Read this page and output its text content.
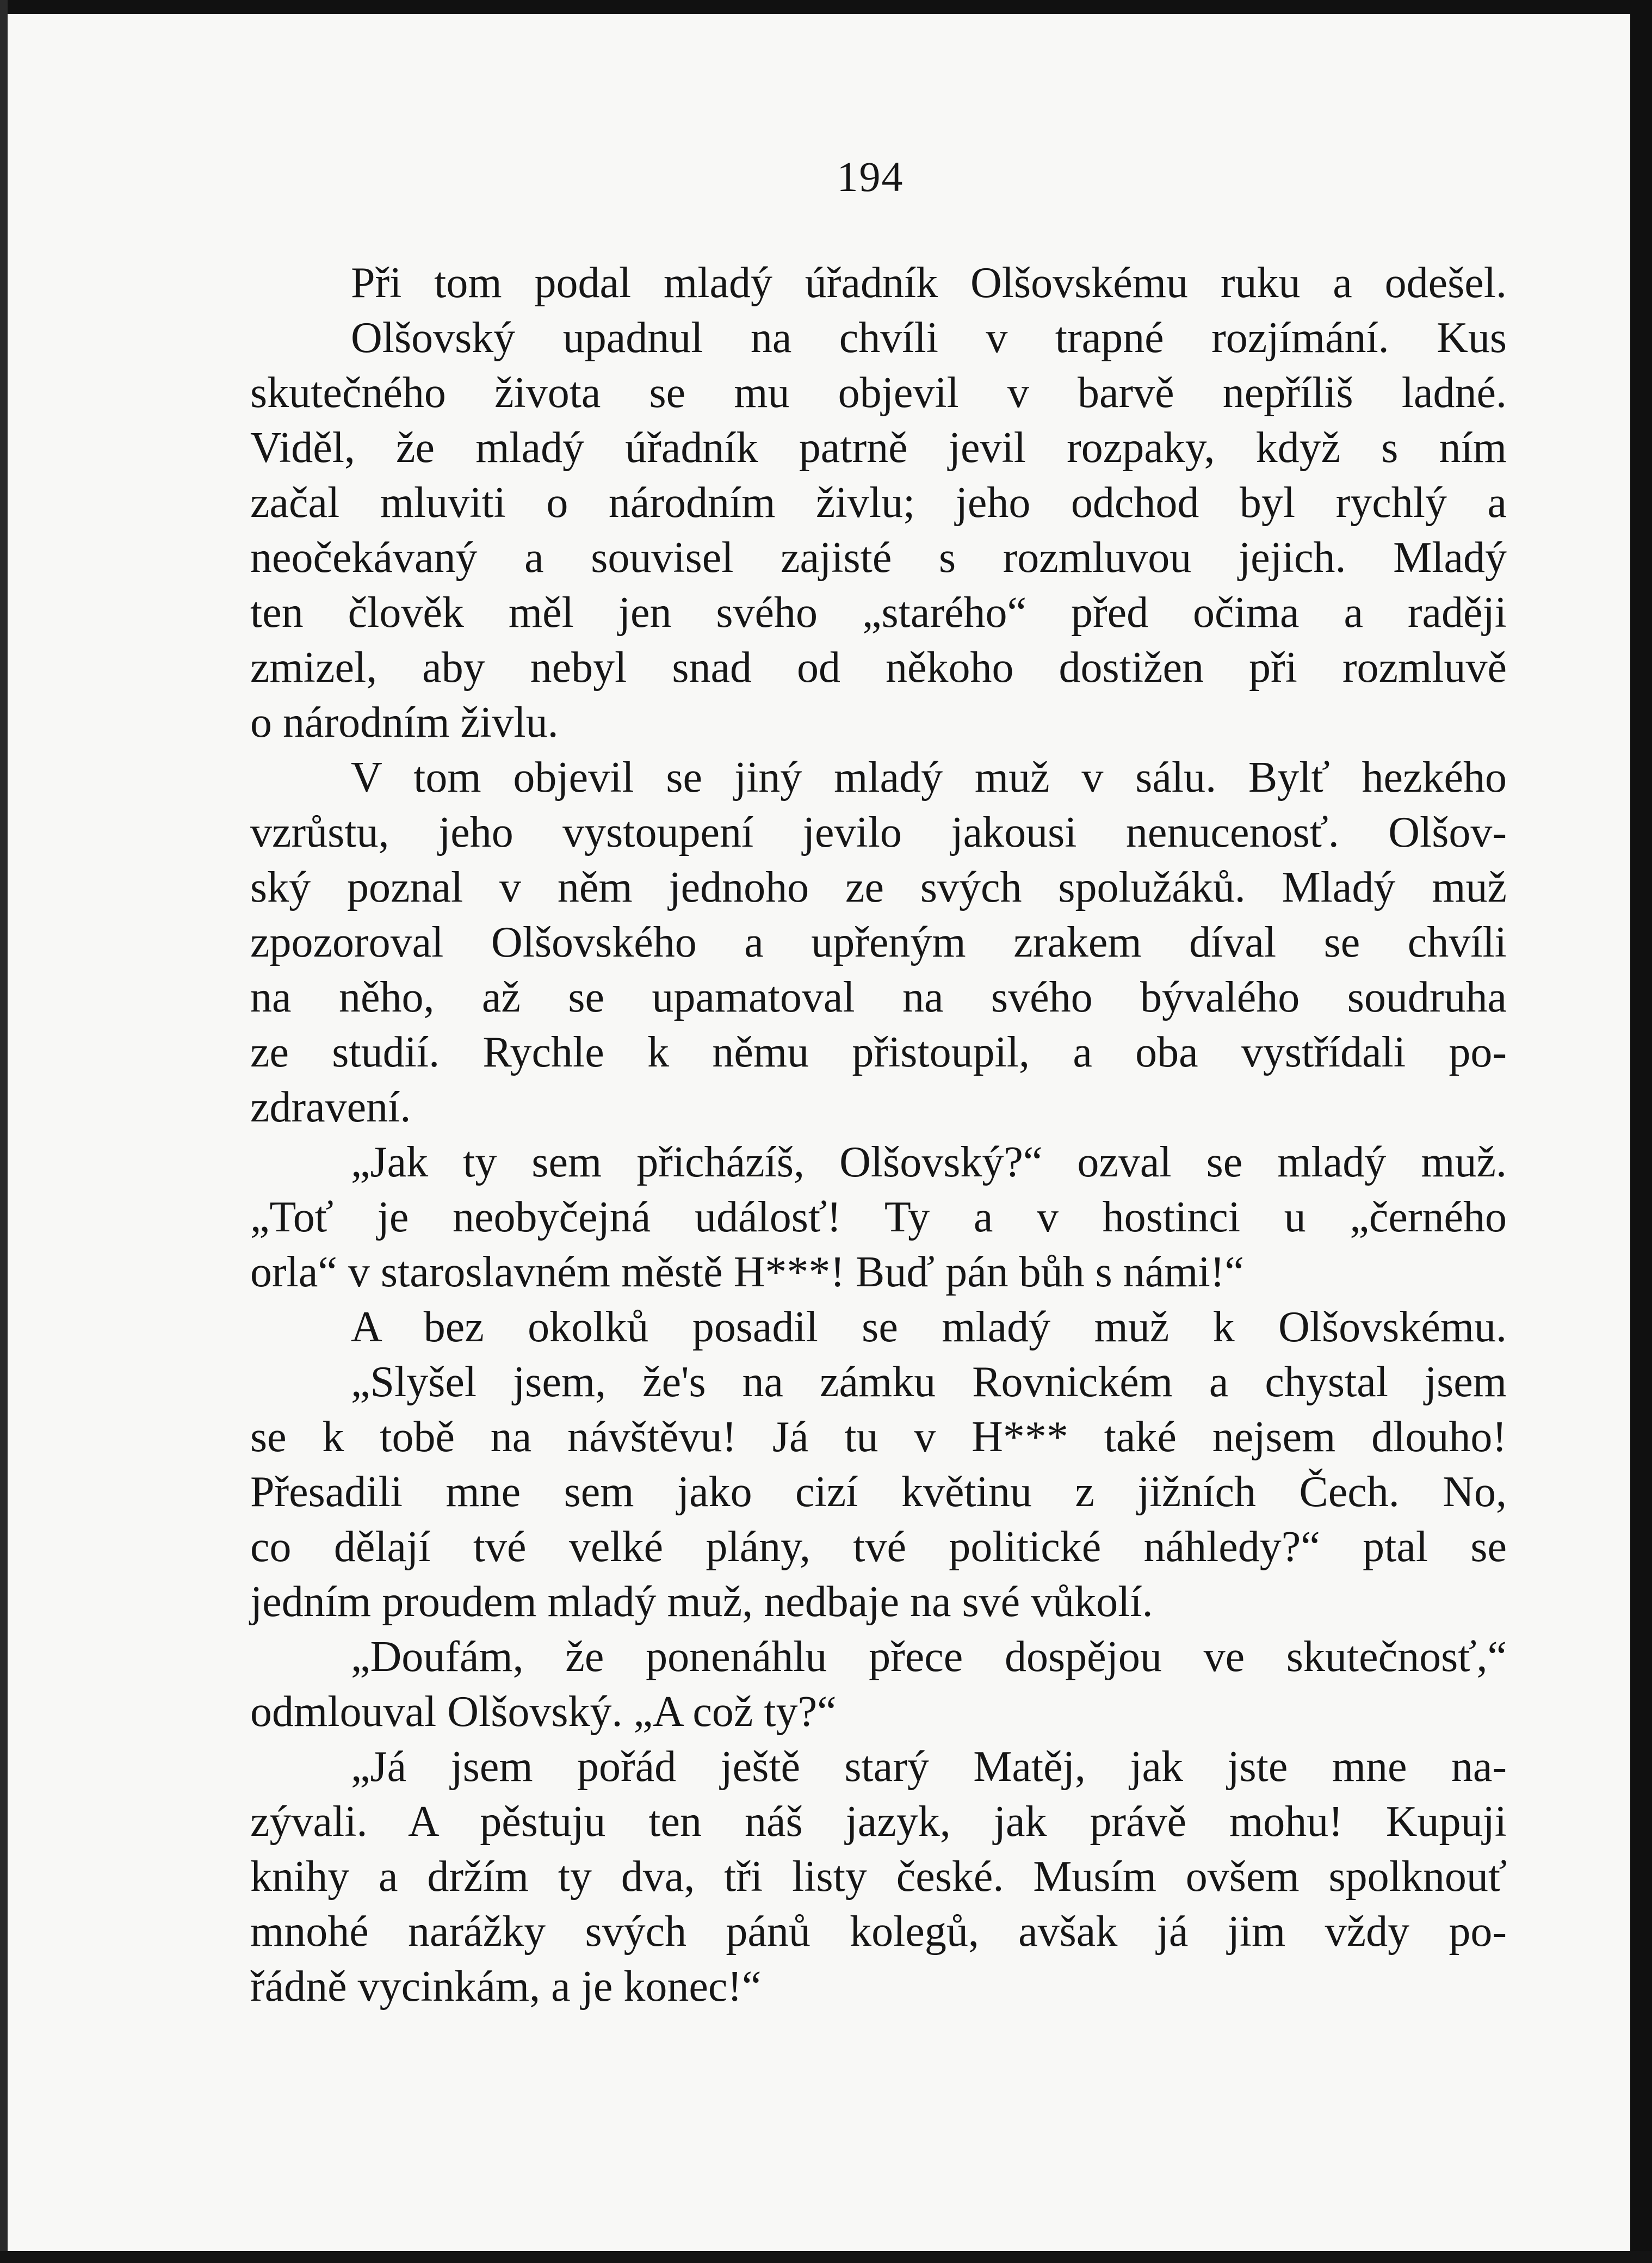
194
Při tom podal mladý úřadník Olšovskému ruku a odešel.
Olšovský upadnul na chvíli v trapné rozjímání. Kus
skutečného života se mu objevil v barvě nepříliš ladné.
Viděl, že mladý úřadník patrně jevil rozpaky, když s ním
začal mluviti o národním živlu; jeho odchod byl rychlý a
neočekávaný a souvisel zajisté s rozmluvou jejich. Mladý
ten člověk měl jen svého „starého“ před očima a raději
zmizel, aby nebyl snad od někoho dostižen při rozmluvě
o národním živlu.
V tom objevil se jiný mladý muž v sálu. Bylť hezkého
vzrůstu, jeho vystoupení jevilo jakousi nenucenosť. Olšov-
ský poznal v něm jednoho ze svých spolužáků. Mladý muž
zpozoroval Olšovského a upřeným zrakem díval se chvíli
na něho, až se upamatoval na svého bývalého soudruha
ze studií. Rychle k němu přistoupil, a oba vystřídali po-
zdravení.
„Jak ty sem přicházíš, Olšovský?“ ozval se mladý muž.
„Toť je neobyčejná událosť! Ty a v hostinci u „černého
orla“ v staroslavném městě H***! Buď pán bůh s námi!“
A bez okolků posadil se mladý muž k Olšovskému.
„Slyšel jsem, že's na zámku Rovnickém a chystal jsem
se k tobě na návštěvu! Já tu v H*** také nejsem dlouho!
Přesadili mne sem jako cizí květinu z jižních Čech. No,
co dělají tvé velké plány, tvé politické náhledy?“ ptal se
jedním proudem mladý muž, nedbaje na své vůkolí.
„Doufám, že ponenáhlu přece dospějou ve skutečnosť,“
odmlouval Olšovský. „A což ty?“
„Já jsem pořád ještě starý Matěj, jak jste mne na-
zývali. A pěstuju ten náš jazyk, jak právě mohu! Kupuji
knihy a držím ty dva, tři listy české. Musím ovšem spolknouť
mnohé narážky svých pánů kolegů, avšak já jim vždy po-
řádně vycinkám, a je konec!“
